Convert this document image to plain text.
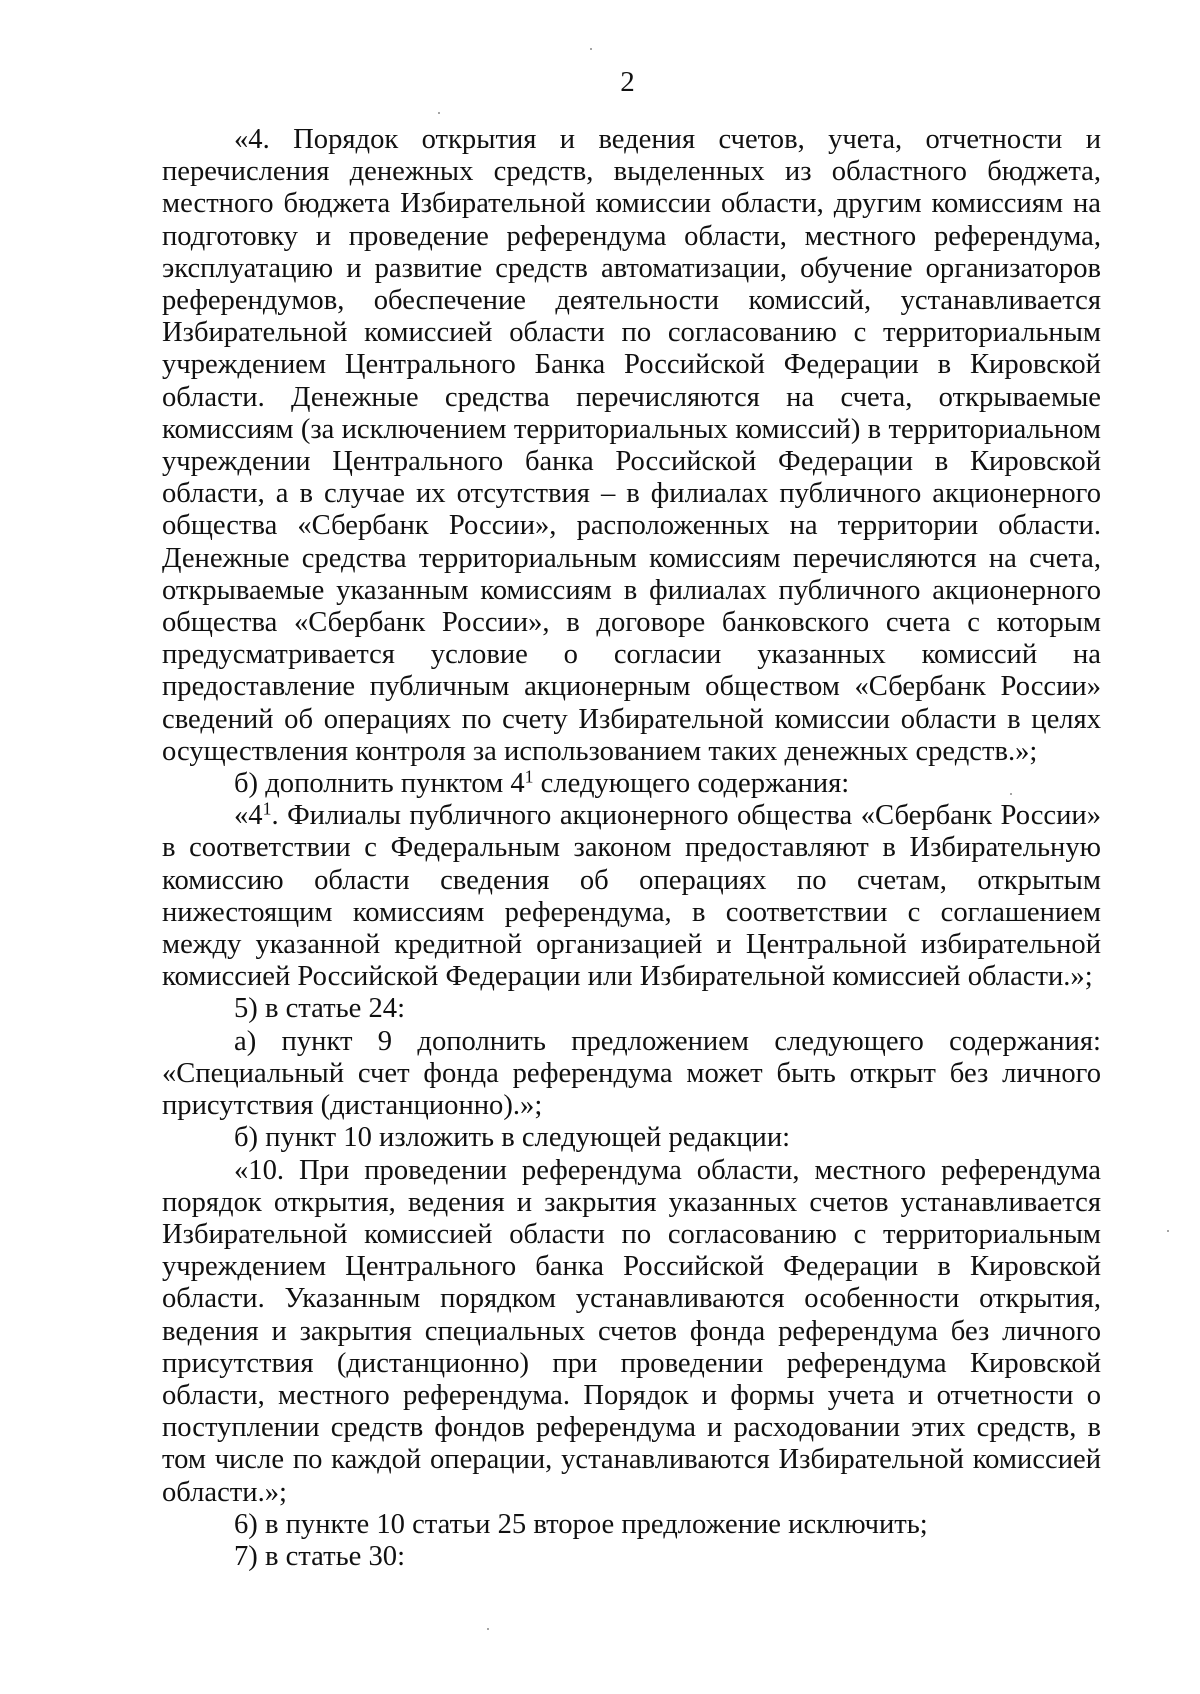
2

«4. Порядок открытия и ведения счетов, учета, отчетности и перечисления денежных средств, выделенных из областного бюджета, местного бюджета Избирательной комиссии области, другим комиссиям на подготовку и проведение референдума области, местного референдума, эксплуатацию и развитие средств автоматизации, обучение организаторов референдумов, обеспечение деятельности комиссий, устанавливается Избирательной комиссией области по согласованию с территориальным учреждением Центрального Банка Российской Федерации в Кировской области. Денежные средства перечисляются на счета, открываемые комиссиям (за исключением территориальных комиссий) в территориальном учреждении Центрального банка Российской Федерации в Кировской области, а в случае их отсутствия – в филиалах публичного акционерного общества «Сбербанк России», расположенных на территории области. Денежные средства территориальным комиссиям перечисляются на счета, открываемые указанным комиссиям в филиалах публичного акционерного общества «Сбербанк России», в договоре банковского счета с которым предусматривается условие о согласии указанных комиссий на предоставление публичным акционерным обществом «Сбербанк России» сведений об операциях по счету Избирательной комиссии области в целях осуществления контроля за использованием таких денежных средств.»;

б) дополнить пунктом $4^1$ следующего содержания:

«$4^1$. Филиалы публичного акционерного общества «Сбербанк России» в соответствии с Федеральным законом предоставляют в Избирательную комиссию области сведения об операциях по счетам, открытым нижестоящим комиссиям референдума, в соответствии с соглашением между указанной кредитной организацией и Центральной избирательной комиссией Российской Федерации или Избирательной комиссией области.»;

5) в статье 24:

а) пункт 9 дополнить предложением следующего содержания: «Специальный счет фонда референдума может быть открыт без личного присутствия (дистанционно).»;

б) пункт 10 изложить в следующей редакции:

«10. При проведении референдума области, местного референдума порядок открытия, ведения и закрытия указанных счетов устанавливается Избирательной комиссией области по согласованию с территориальным учреждением Центрального банка Российской Федерации в Кировской области. Указанным порядком устанавливаются особенности открытия, ведения и закрытия специальных счетов фонда референдума без личного присутствия (дистанционно) при проведении референдума Кировской области, местного референдума. Порядок и формы учета и отчетности о поступлении средств фондов референдума и расходовании этих средств, в том числе по каждой операции, устанавливаются Избирательной комиссией области.»;

6) в пункте 10 статьи 25 второе предложение исключить;

7) в статье 30:
